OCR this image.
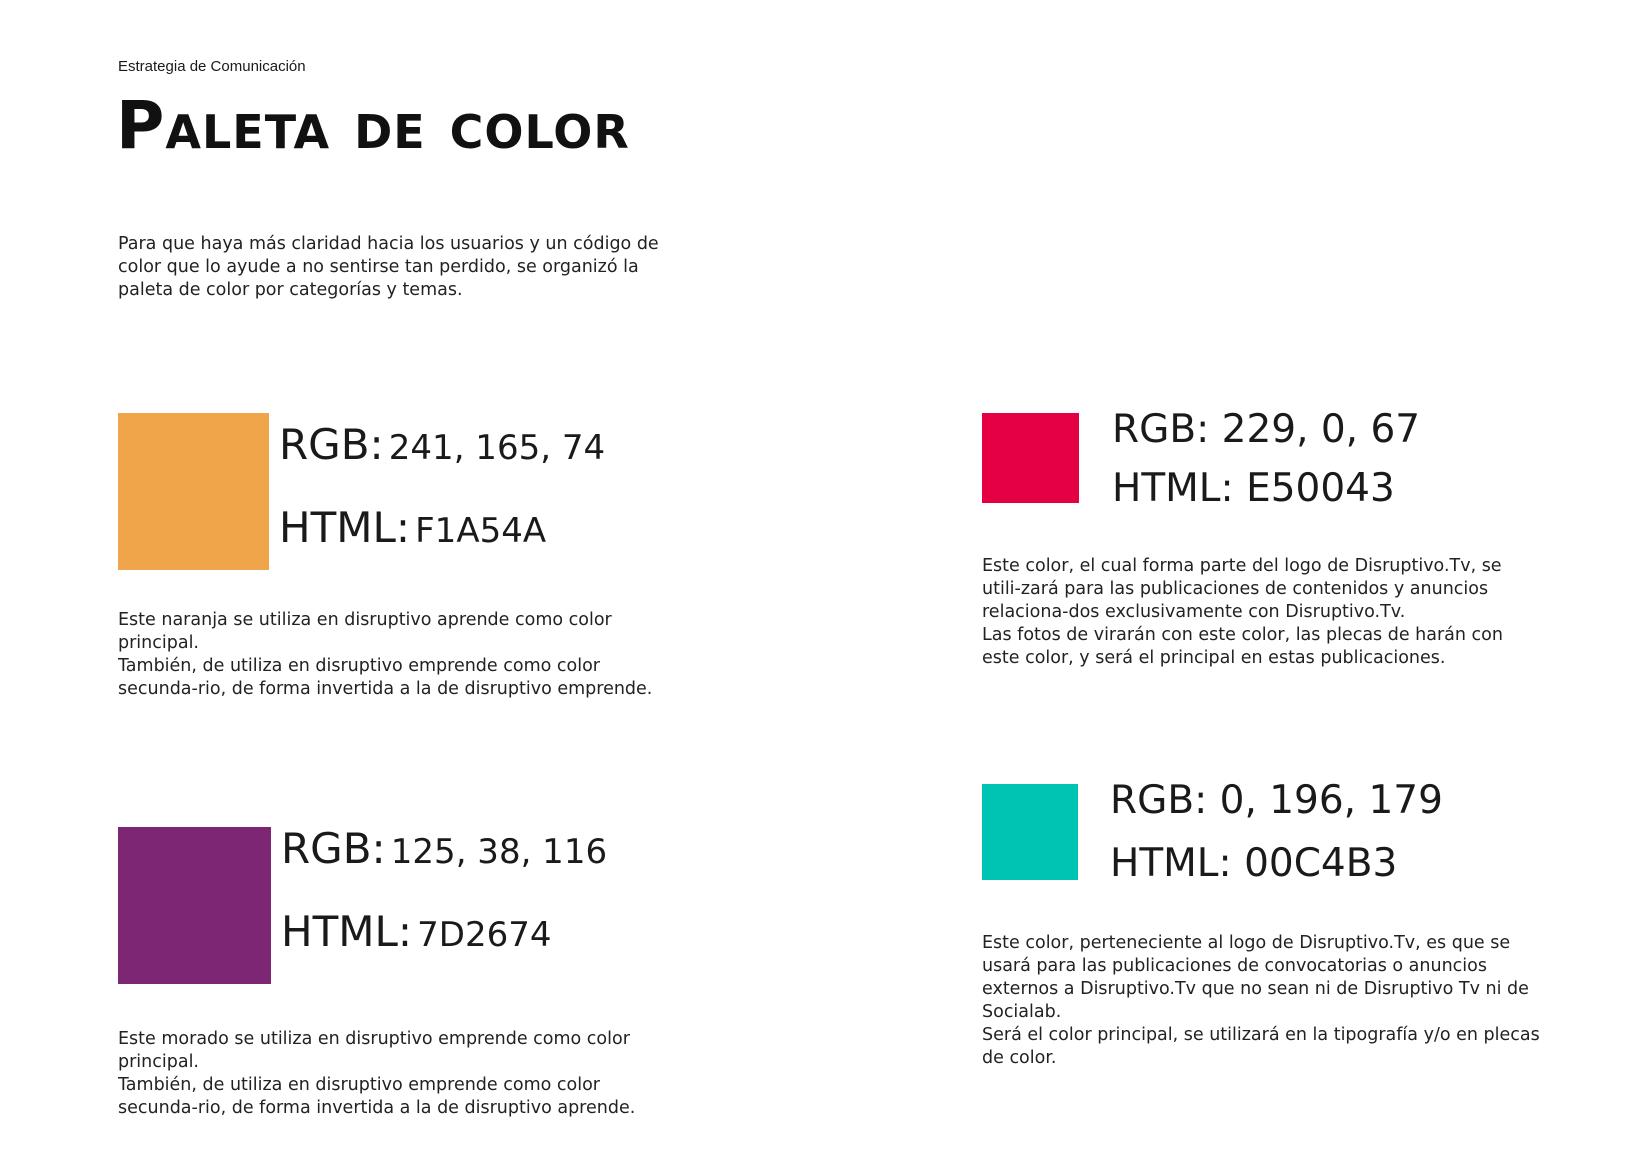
Estrategia de Comunicación
Paleta de color
Para que haya más claridad hacia los usuarios y un código de color que lo ayude a no sentirse tan perdido, se organizó la paleta de color por categorías y temas.
RGB: 241, 165, 74
HTML: F1A54A

Este naranja se utiliza en disruptivo aprende como color principal.

También, de utiliza en disruptivo emprende como color secunda-rio, de forma invertida a la de disruptivo emprende.

RGB: 229, 0, 67
HTML: E50043

Este color, el cual forma parte del logo de Disruptivo.Tv, se utili-zará para las publicaciones de contenidos y anuncios relaciona-dos exclusivamente con Disruptivo.Tv.

Las fotos de virarán con este color, las plecas de harán con este color, y será el principal en estas publicaciones.

RGB: 125, 38, 116
HTML: 7D2674

Este morado se utiliza en disruptivo emprende como color principal.

También, de utiliza en disruptivo emprende como color secunda-rio, de forma invertida a la de disruptivo aprende.

RGB: 0, 196, 179
HTML: 00C4B3

Este color, perteneciente al logo de Disruptivo.Tv, es que se usará para las publicaciones de convocatorias o anuncios externos a Disruptivo.Tv que no sean ni de Disruptivo Tv ni de Socialab.

Será el color principal, se utilizará en la tipografía y/o en plecas de color.
